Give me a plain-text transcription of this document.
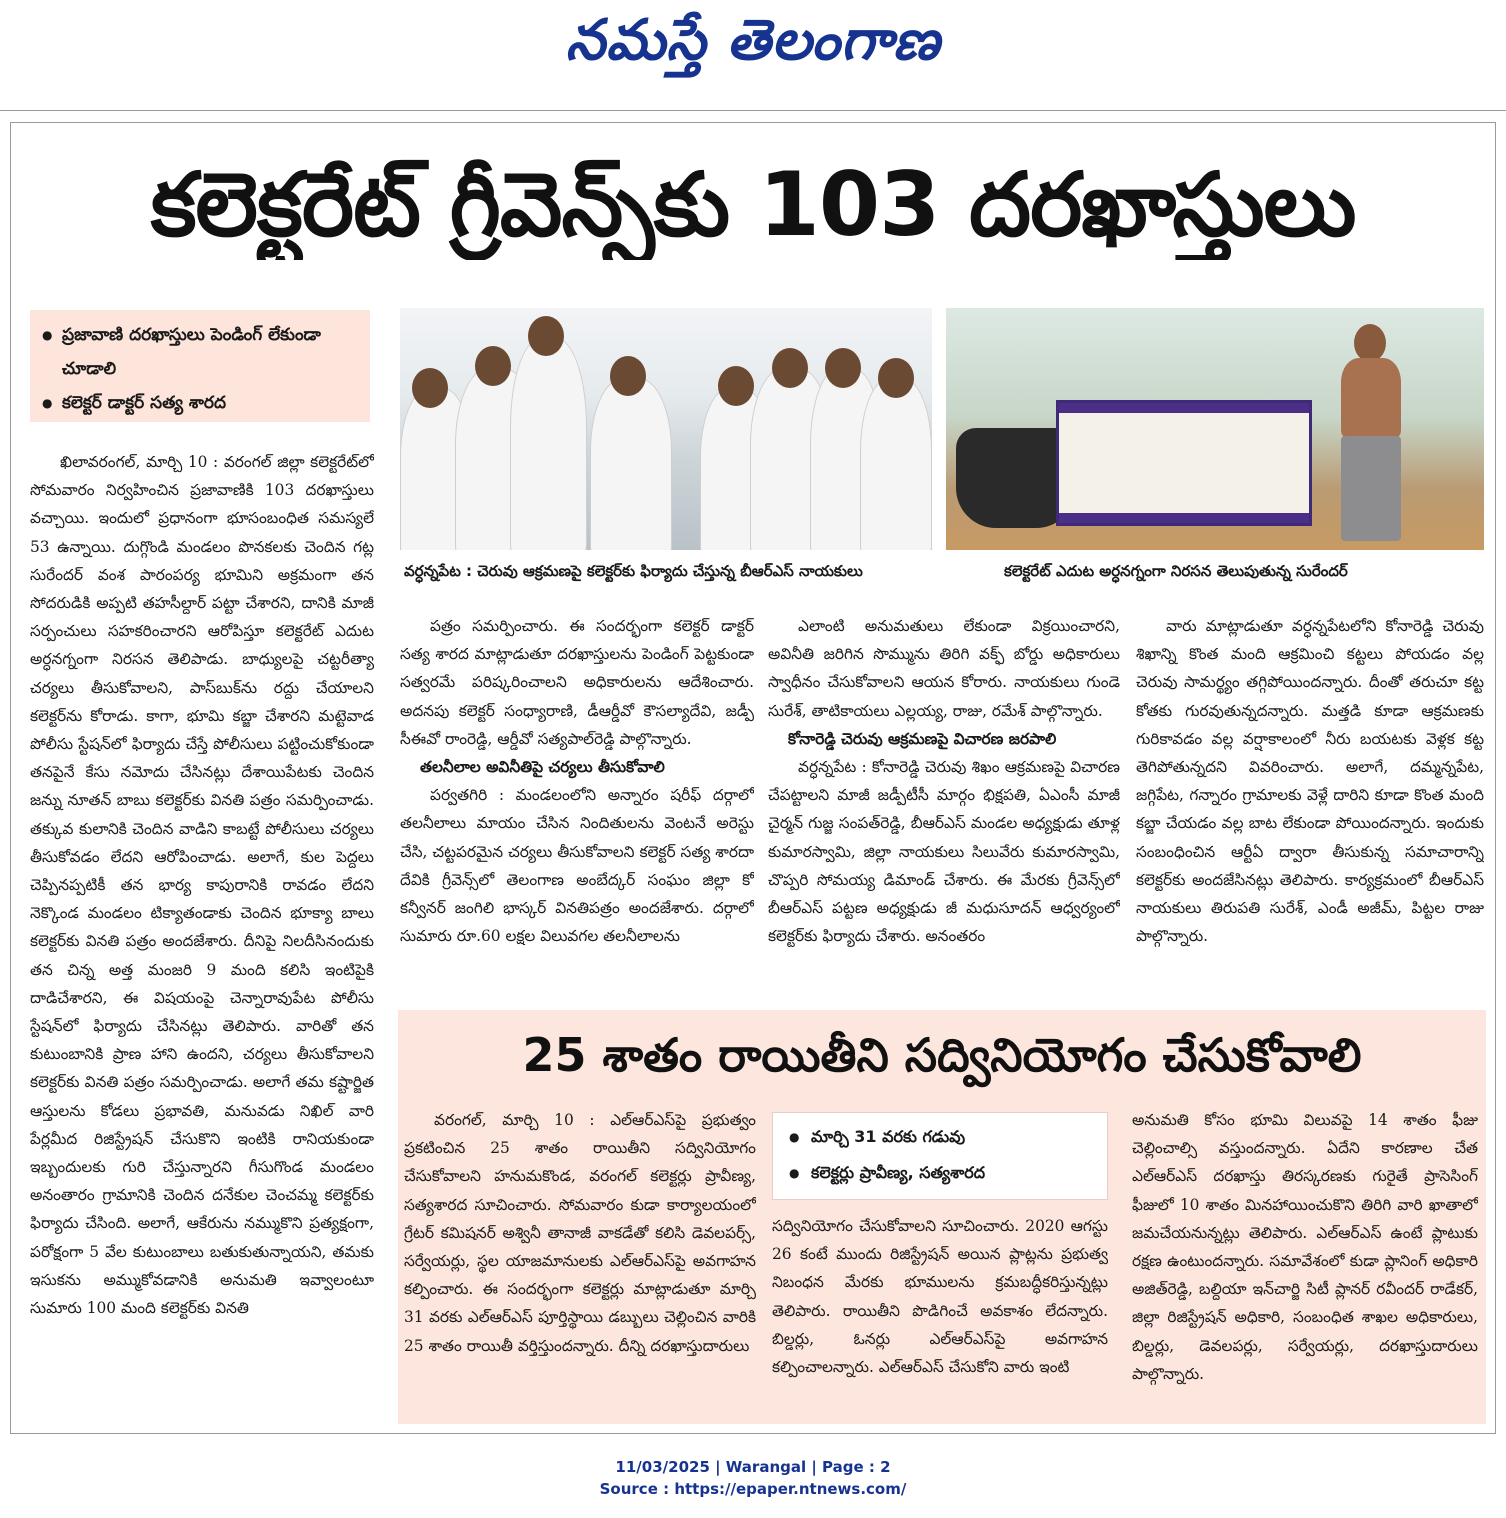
నమస్తే తెలంగాణ
కలెక్టరేట్ గ్రీవెన్స్‌కు 103 దరఖాస్తులు
● ప్రజావాణి దరఖాస్తులు పెండింగ్ లేకుండా చూడాలి
● కలెక్టర్ డాక్టర్ సత్య శారద
వర్ధన్నపేట : చెరువు ఆక్రమణపై కలెక్టర్‌కు ఫిర్యాదు చేస్తున్న బీఆర్‌ఎస్ నాయకులు	కలెక్టరేట్ ఎదుట అర్ధనగ్నంగా నిరసన తెలుపుతున్న సురేందర్

ఖిలావరంగల్, మార్చి 10 : వరంగల్ జిల్లా కలెక్టరేట్‌లో సోమవారం నిర్వహించిన ప్రజావాణికి 103 దరఖాస్తులు వచ్చాయి. ఇందులో ప్రధానంగా భూసంబంధిత సమస్యలే 53 ఉన్నాయి. దుగ్గొండి మండలం పొనకలకు చెందిన గట్ల సురేందర్ వంశ పారంపర్య భూమిని అక్రమంగా తన సోదరుడికి అప్పటి తహసీల్దార్ పట్టా చేశారని, దానికి మాజీ సర్పంచులు సహకరించారని ఆరోపిస్తూ కలెక్టరేట్ ఎదుట అర్ధనగ్నంగా నిరసన తెలిపాడు. బాధ్యులపై చట్టరీత్యా చర్యలు తీసుకోవాలని, పాస్‌బుక్‌ను రద్దు చేయాలని కలెక్టర్‌ను కోరాడు. కాగా, భూమి కబ్జా చేశారని మట్టెవాడ పోలీసు స్టేషన్‌లో ఫిర్యాదు చేస్తే పోలీసులు పట్టించుకోకుండా తనపైనే కేసు నమోదు చేసినట్లు దేశాయిపేటకు చెందిన జన్ను నూతన్ బాబు కలెక్టర్‌కు వినతి పత్రం సమర్పించాడు. తక్కువ కులానికి చెందిన వాడిని కాబట్టే పోలీసులు చర్యలు తీసుకోవడం లేదని ఆరోపించాడు. అలాగే, కుల పెద్దలు చెప్పినప్పటికీ తన భార్య కాపురానికి రావడం లేదని నెక్కొండ మండలం టిక్యాతండాకు చెందిన భూక్యా బాలు కలెక్టర్‌కు వినతి పత్రం అందజేశారు. దీనిపై నిలదీసినందుకు తన చిన్న అత్త మంజరి 9 మంది కలిసి ఇంటిపైకి దాడిచేశారని, ఈ విషయంపై చెన్నారావుపేట పోలీసు స్టేషన్‌లో ఫిర్యాదు చేసినట్లు తెలిపారు. వారితో తన కుటుంబానికి ప్రాణ హాని ఉందని, చర్యలు తీసుకోవాలని కలెక్టర్‌కు వినతి పత్రం సమర్పించాడు. అలాగే తమ కష్టార్జిత ఆస్తులను కోడలు ప్రభావతి, మనువడు నిఖిల్ వారి పేర్లమీద రిజిస్ట్రేషన్ చేసుకొని ఇంటికి రానియకుండా ఇబ్బందులకు గురి చేస్తున్నారని గీసుగొండ మండలం అనంతారం గ్రామానికి చెందిన దనేకుల చెంచమ్మ కలెక్టర్‌కు ఫిర్యాదు చేసింది. అలాగే, ఆకేరును నమ్ముకొని ప్రత్యక్షంగా, పరోక్షంగా 5 వేల కుటుంబాలు బతుకుతున్నాయని, తమకు ఇసుకను అమ్ముకోవడానికి అనుమతి ఇవ్వాలంటూ సుమారు 100 మంది కలెక్టర్‌కు వినతి

పత్రం సమర్పించారు. ఈ సందర్భంగా కలెక్టర్ డాక్టర్ సత్య శారద మాట్లాడుతూ దరఖాస్తులను పెండింగ్ పెట్టకుండా సత్వరమే పరిష్కరించాలని అధికారులను ఆదేశించారు. అదనపు కలెక్టర్ సంధ్యారాణి, డీఆర్డీవో కౌసల్యాదేవి, జడ్పీ సీఈవో రాంరెడ్డి, ఆర్డీవో సత్యపాల్‌రెడ్డి పాల్గొన్నారు.

తలనీలాల అవినీతిపై చర్యలు తీసుకోవాలి

పర్వతగిరి : మండలంలోని అన్నారం షరీఫ్ దర్గాలో తలనీలాలు మాయం చేసిన నిందితులను వెంటనే అరెస్టు చేసి, చట్టపరమైన చర్యలు తీసుకోవాలని కలెక్టర్ సత్య శారదా దేవికి గ్రీవెన్స్‌లో తెలంగాణ అంబేద్కర్ సంఘం జిల్లా కో కన్వీనర్ జంగిలి భాస్కర్ వినతిపత్రం అందజేశారు. దర్గాలో సుమారు రూ.60 లక్షల విలువగల తలనీలాలను

ఎలాంటి అనుమతులు లేకుండా విక్రయించారని, అవినీతి జరిగిన సొమ్మును తిరిగి వక్ఫ్ బోర్డు అధికారులు స్వాధీనం చేసుకోవాలని ఆయన కోరారు. నాయకులు గుండె సురేశ్, తాటికాయలు ఎల్లయ్య, రాజు, రమేశ్ పాల్గొన్నారు.

కోనారెడ్డి చెరువు ఆక్రమణపై విచారణ జరపాలి

వర్ధన్నపేట : కోనారెడ్డి చెరువు శిఖం ఆక్రమణపై విచారణ చేపట్టాలని మాజీ జడ్పీటీసీ మార్గం భిక్షపతి, ఏఎంసీ మాజీ చైర్మన్ గుజ్జ సంపత్‌రెడ్డి, బీఆర్‌ఎస్ మండల అధ్యక్షుడు తూళ్ల కుమారస్వామి, జిల్లా నాయకులు సిలువేరు కుమారస్వామి, చొప్పరి సోమయ్య డిమాండ్ చేశారు. ఈ మేరకు గ్రీవెన్స్‌లో బీఆర్‌ఎస్ పట్టణ అధ్యక్షుడు జీ మధుసూదన్ ఆధ్వర్యంలో కలెక్టర్‌కు ఫిర్యాదు చేశారు. అనంతరం

వారు మాట్లాడుతూ వర్ధన్నపేటలోని కోనారెడ్డి చెరువు శిఖాన్ని కొంత మంది ఆక్రమించి కట్టలు పోయడం వల్ల చెరువు సామర్థ్యం తగ్గిపోయిందన్నారు. దీంతో తరుచూ కట్ట కోతకు గురవుతున్నదన్నారు. మత్తడి కూడా ఆక్రమణకు గురికావడం వల్ల వర్షాకాలంలో నీరు బయటకు వెళ్లక కట్ట తెగిపోతున్నదని వివరించారు. అలాగే, దమ్మన్నపేట, జగ్గిపేట, గన్నారం గ్రామాలకు వెళ్లే దారిని కూడా కొంత మంది కబ్జా చేయడం వల్ల బాట లేకుండా పోయిందన్నారు. ఇందుకు సంబంధించిన ఆర్టీఏ ద్వారా తీసుకున్న సమాచారాన్ని కలెక్టర్‌కు అందజేసినట్లు తెలిపారు. కార్యక్రమంలో బీఆర్‌ఎస్ నాయకులు తిరుపతి సురేశ్, ఎండీ అజీమ్, పిట్టల రాజు పాల్గొన్నారు.

25 శాతం రాయితీని సద్వినియోగం చేసుకోవాలి
● మార్చి 31 వరకు గడువు
● కలెక్టర్లు ప్రావీణ్య, సత్యశారద

వరంగల్, మార్చి 10 : ఎల్‌ఆర్‌ఎస్‌పై ప్రభుత్వం ప్రకటించిన 25 శాతం రాయితీని సద్వినియోగం చేసుకోవాలని హనుమకొండ, వరంగల్ కలెక్టర్లు ప్రావీణ్య, సత్యశారద సూచించారు. సోమవారం కుడా కార్యాలయంలో గ్రేటర్ కమిషనర్ అశ్వినీ తానాజీ వాకడేతో కలిసి డెవలపర్స్, సర్వేయర్లు, స్థల యాజమానులకు ఎల్‌ఆర్‌ఎస్‌పై అవగాహన కల్పించారు. ఈ సందర్భంగా కలెక్టర్లు మాట్లాడుతూ మార్చి 31 వరకు ఎల్‌ఆర్‌ఎస్ పూర్తిస్థాయి డబ్బులు చెల్లించిన వారికి 25 శాతం రాయితీ వర్తిస్తుందన్నారు. దీన్ని దరఖాస్తుదారులు

సద్వినియోగం చేసుకోవాలని సూచించారు. 2020 ఆగస్టు 26 కంటే ముందు రిజిస్ట్రేషన్ అయిన ప్లాట్లను ప్రభుత్వ నిబంధన మేరకు భూములను క్రమబద్ధీకరిస్తున్నట్లు తెలిపారు. రాయితీని పొడిగించే అవకాశం లేదన్నారు. బిల్డర్లు, ఓనర్లు ఎల్‌ఆర్‌ఎస్‌పై అవగాహన కల్పించాలన్నారు. ఎల్‌ఆర్‌ఎస్ చేసుకోని వారు ఇంటి

అనుమతి కోసం భూమి విలువపై 14 శాతం ఫీజు చెల్లించాల్సి వస్తుందన్నారు. ఏదేని కారణాల చేత ఎల్‌ఆర్‌ఎస్ దరఖాస్తు తిరస్కరణకు గురైతే ప్రాసెసింగ్ ఫీజులో 10 శాతం మినహాయించుకొని తిరిగి వారి ఖాతాలో జమచేయనున్నట్లు తెలిపారు. ఎల్‌ఆర్‌ఎస్ ఉంటే ప్లాటుకు రక్షణ ఉంటుందన్నారు. సమావేశంలో కుడా ప్లానింగ్ అధికారి అజిత్‌రెడ్డి, బల్దియా ఇన్‌చార్జి సిటీ ప్లానర్ రవీందర్ రాడేకర్, జిల్లా రిజిస్ట్రేషన్ అధికారి, సంబంధిత శాఖల అధికారులు, బిల్డర్లు, డెవలపర్లు, సర్వేయర్లు, దరఖాస్తుదారులు పాల్గొన్నారు.

11/03/2025 | Warangal | Page : 2
Source : https://epaper.ntnews.com/
